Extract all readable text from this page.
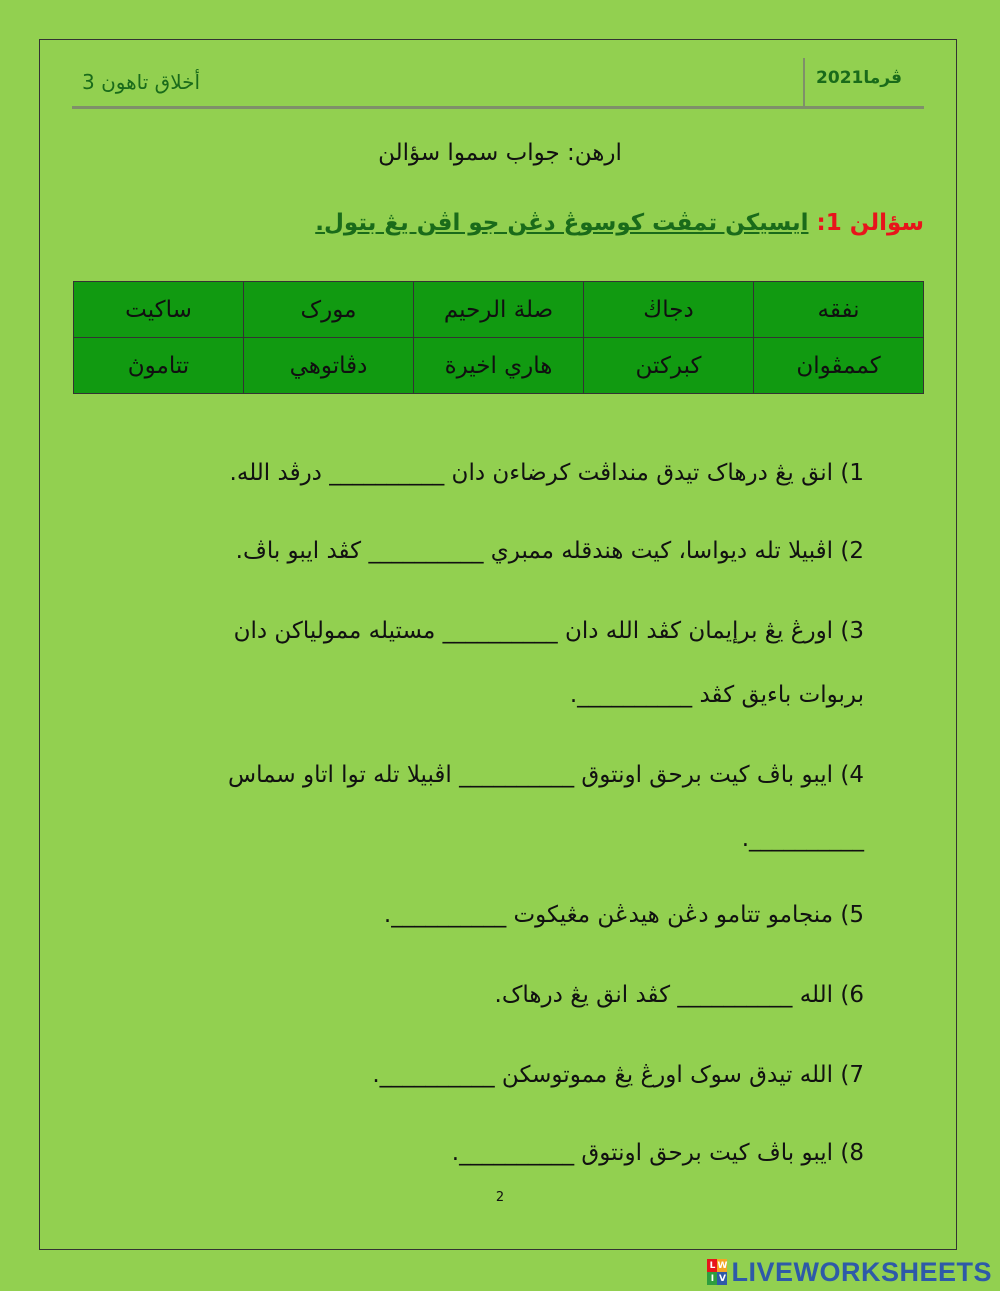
أخلاق تاهون 3	ڤرما2021
ارهن: جواب سموا سؤالن
سؤالن 1: ايسيكن تمڤت كوسوڠ دڠن جو اڤن يڠ بتول.
نفقه	دجاڬ	صلة الرحيم	مورک	ساكيت
كممڤوان	كبركتن	هاري اخيرة	دڤاتوهي	تتاموڽ
1) انق يڠ درهاک تيدق منداڤت كرضاءن دان __________ درڤد الله.
2) اڤبيلا تله ديواسا، كيت هندقله ممبري __________ كڤد ايبو باڤ.
3) اورڠ يڠ برإيمان كڤد الله دان __________ مستيله ممولياكن دان
بربوات باءيق كڤد __________.
4) ايبو باڤ كيت برحق اونتوق __________ اڤبيلا تله توا اتاو سماس
__________.
5) منجامو تتامو دڠن هيدڠن مڠيكوت __________.
6) الله __________ كڤد انق يڠ درهاک.
7) الله تيدق سوک اورڠ يڠ مموتوسكن __________.
8) ايبو باڤ كيت برحق اونتوق __________.
2
L W
I V LIVEWORKSHEETS
